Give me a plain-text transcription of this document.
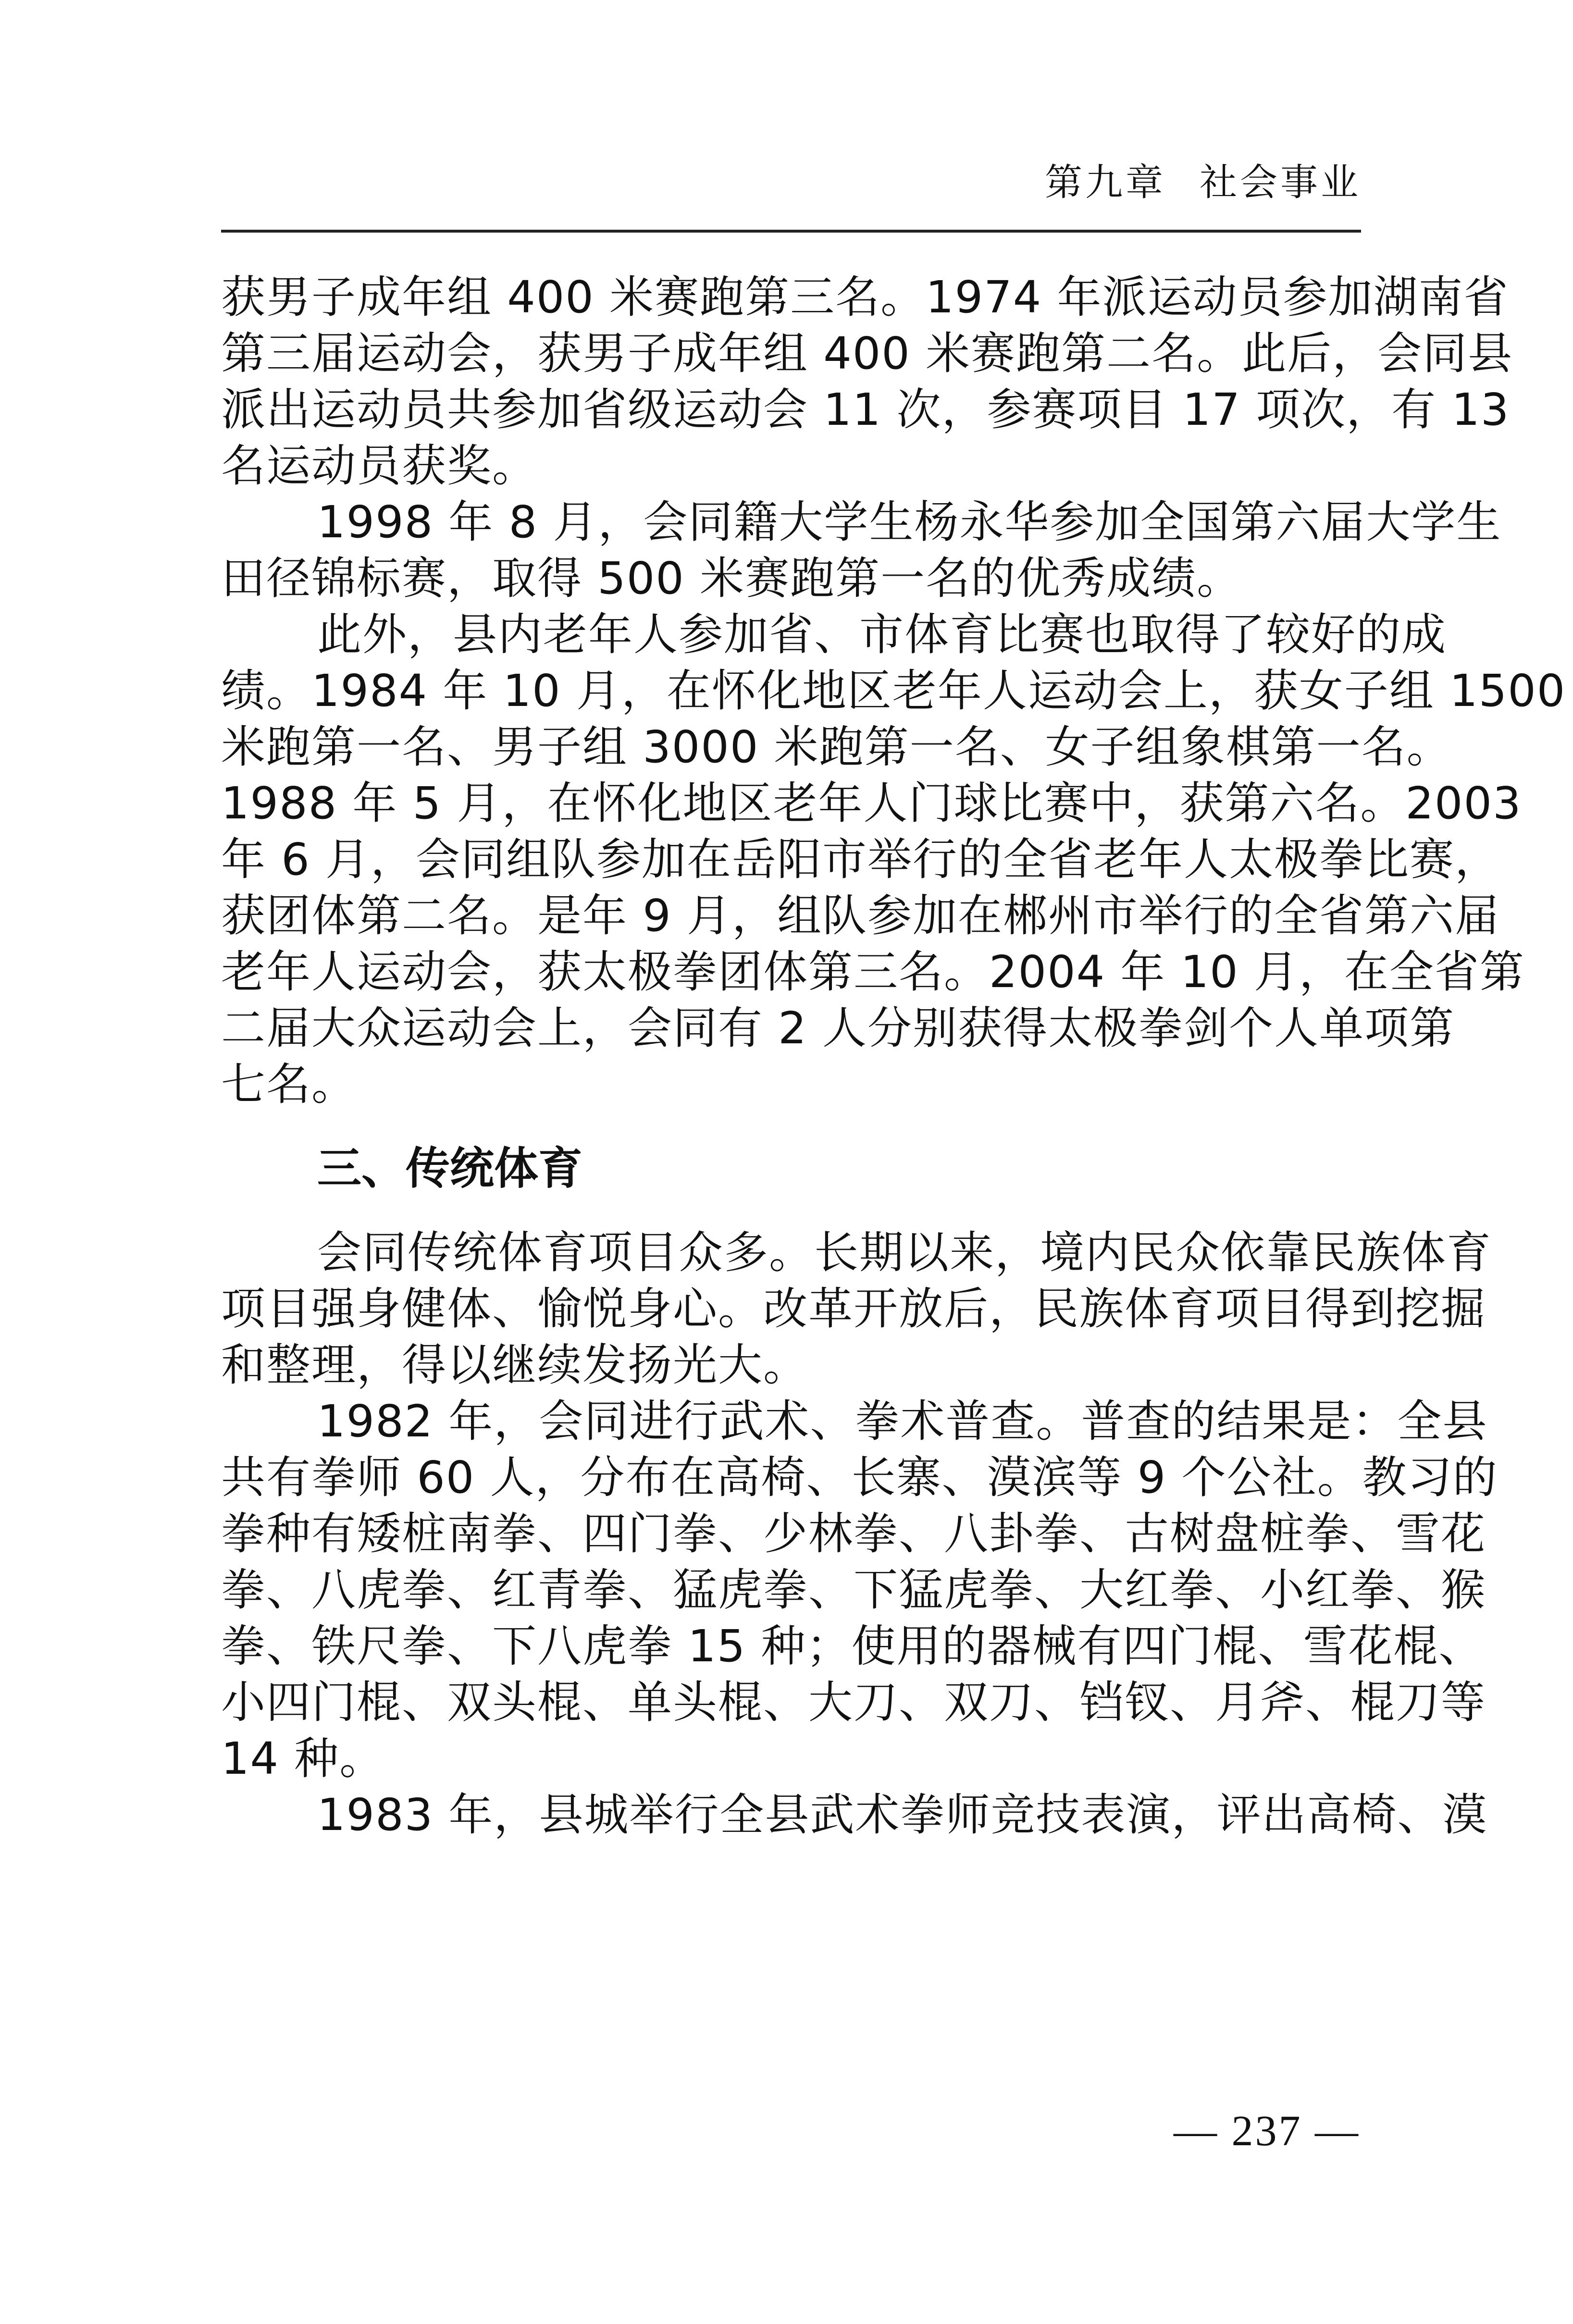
第九章 社会事业
获男子成年组 400 米赛跑第三名。1974 年派运动员参加湖南省
第三届运动会，获男子成年组 400 米赛跑第二名。此后，会同县
派出运动员共参加省级运动会 11 次，参赛项目 17 项次，有 13
名运动员获奖。
1998 年 8 月，会同籍大学生杨永华参加全国第六届大学生
田径锦标赛，取得 500 米赛跑第一名的优秀成绩。
此外，县内老年人参加省、市体育比赛也取得了较好的成
绩。1984 年 10 月，在怀化地区老年人运动会上，获女子组 1500
米跑第一名、男子组 3000 米跑第一名、女子组象棋第一名。
1988 年 5 月，在怀化地区老年人门球比赛中，获第六名。2003
年 6 月，会同组队参加在岳阳市举行的全省老年人太极拳比赛，
获团体第二名。是年 9 月，组队参加在郴州市举行的全省第六届
老年人运动会，获太极拳团体第三名。2004 年 10 月，在全省第
二届大众运动会上，会同有 2 人分别获得太极拳剑个人单项第
七名。
三、传统体育
会同传统体育项目众多。长期以来，境内民众依靠民族体育
项目强身健体、愉悦身心。改革开放后，民族体育项目得到挖掘
和整理，得以继续发扬光大。
1982 年，会同进行武术、拳术普查。普查的结果是：全县
共有拳师 60 人，分布在高椅、长寨、漠滨等 9 个公社。教习的
拳种有矮桩南拳、四门拳、少林拳、八卦拳、古树盘桩拳、雪花
拳、八虎拳、红青拳、猛虎拳、下猛虎拳、大红拳、小红拳、猴
拳、铁尺拳、下八虎拳 15 种；使用的器械有四门棍、雪花棍、
小四门棍、双头棍、单头棍、大刀、双刀、铛钗、月斧、棍刀等
14 种。
1983 年，县城举行全县武术拳师竞技表演，评出高椅、漠
— 237 —
